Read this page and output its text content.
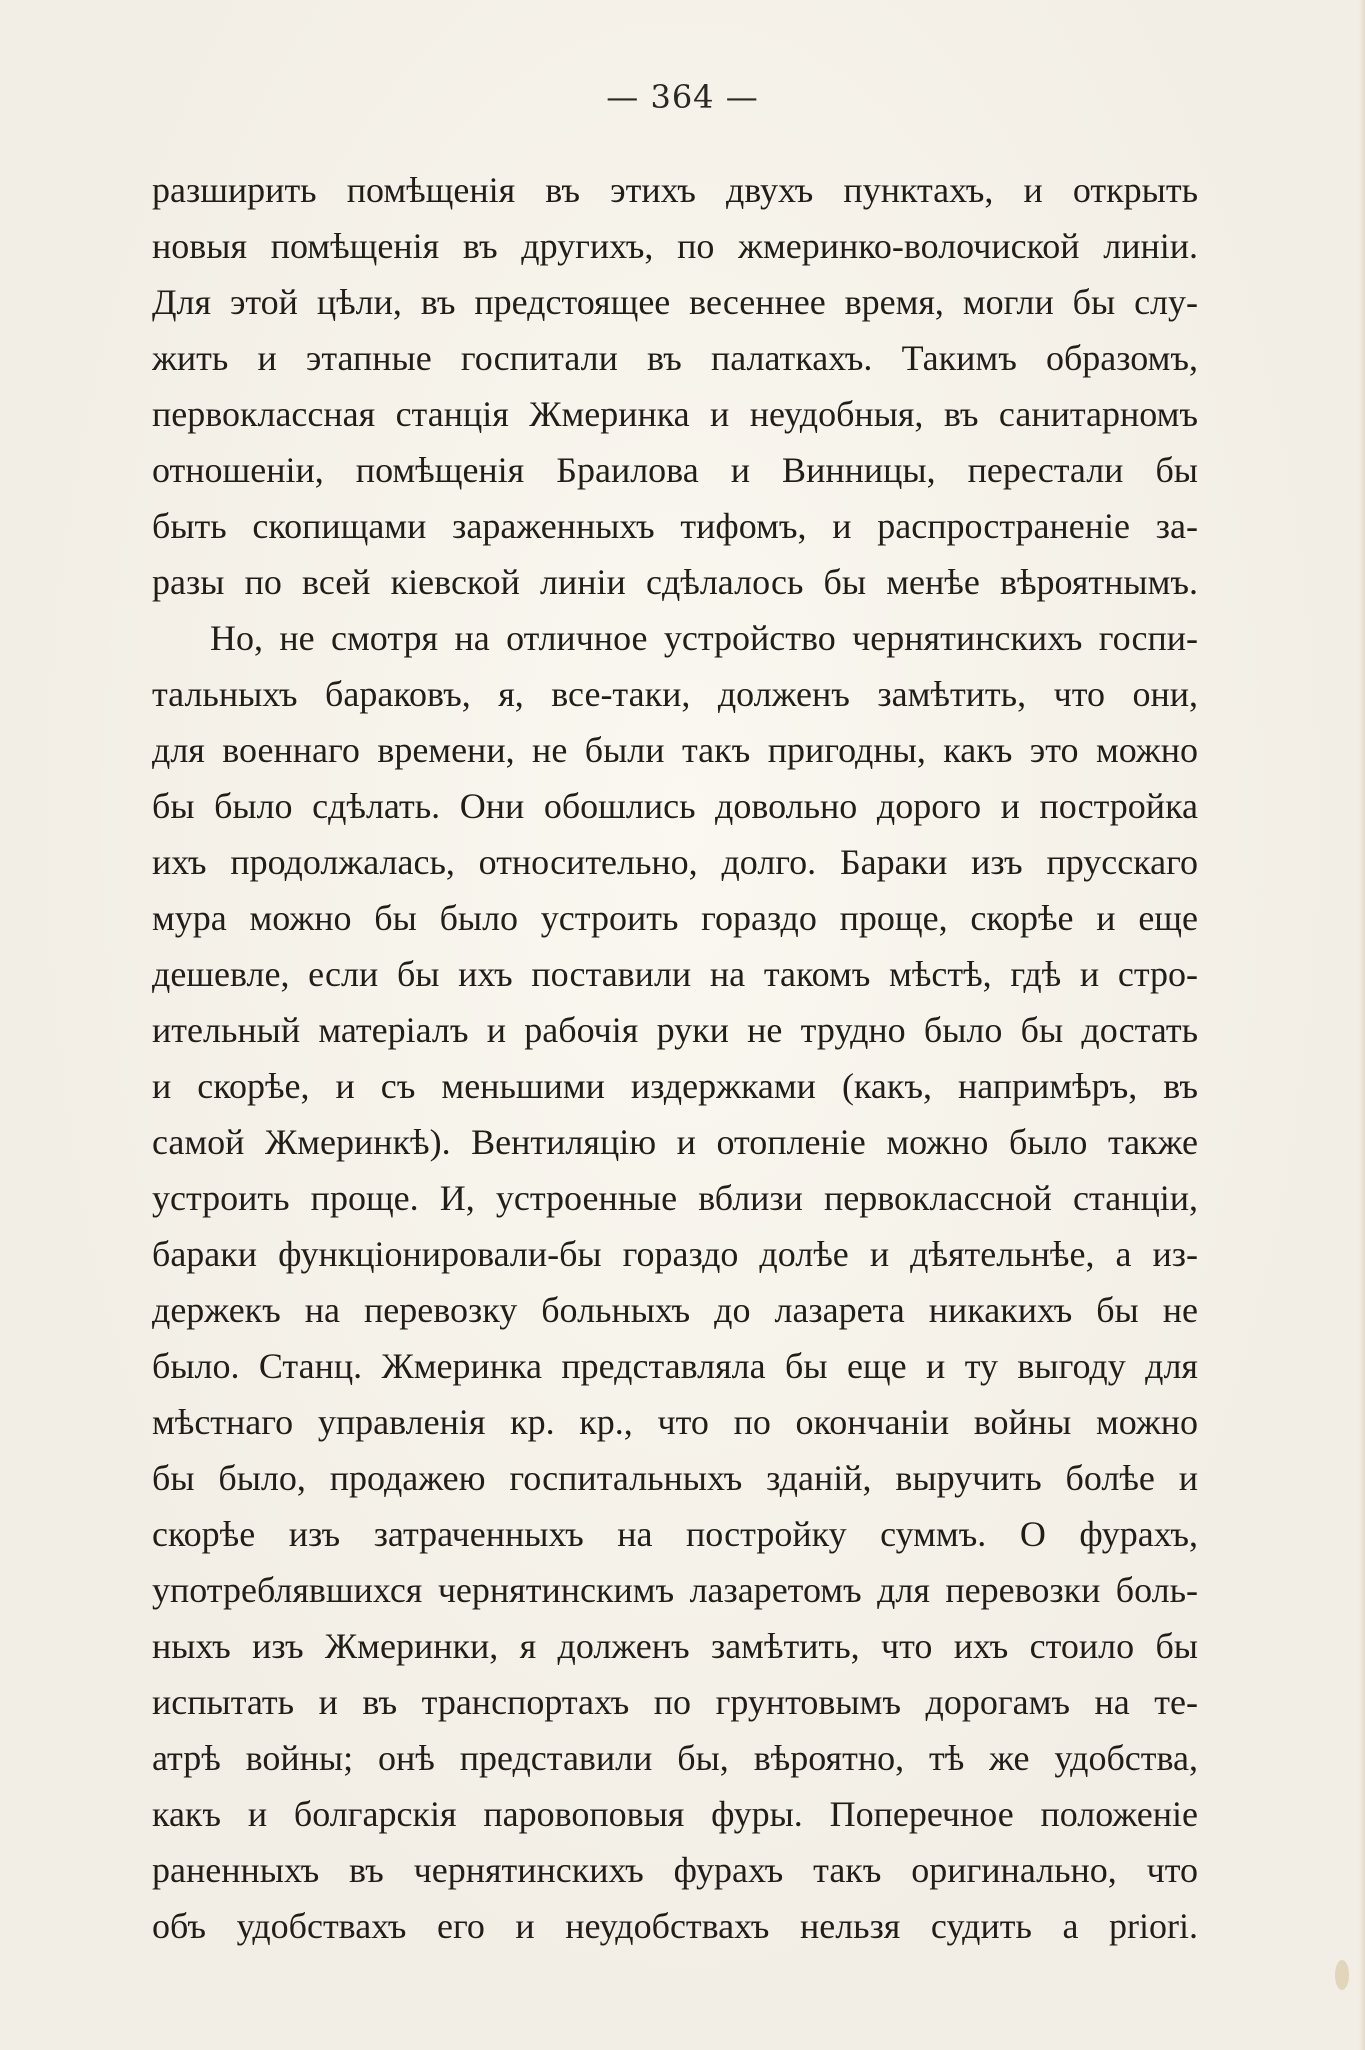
— 364 —
разширить помѣщенія въ этихъ двухъ пунктахъ, и открыть
новыя помѣщенія въ другихъ, по жмеринко-волочиской линіи.
Для этой цѣли, въ предстоящее весеннее время, могли бы слу-
жить и этапные госпитали въ палаткахъ. Такимъ образомъ,
первоклассная станція Жмеринка и неудобныя, въ санитарномъ
отношеніи, помѣщенія Браилова и Винницы, перестали бы
быть скопищами зараженныхъ тифомъ, и распространеніе за-
разы по всей кіевской линіи сдѣлалось бы менѣе вѣроятнымъ.
Но, не смотря на отличное устройство чернятинскихъ госпи-
тальныхъ бараковъ, я, все-таки, долженъ замѣтить, что они,
для военнаго времени, не были такъ пригодны, какъ это можно
бы было сдѣлать. Они обошлись довольно дорого и постройка
ихъ продолжалась, относительно, долго. Бараки изъ прусскаго
мура можно бы было устроить гораздо проще, скорѣе и еще
дешевле, если бы ихъ поставили на такомъ мѣстѣ, гдѣ и стро-
ительный матеріалъ и рабочія руки не трудно было бы достать
и скорѣе, и съ меньшими издержками (какъ, напримѣръ, въ
самой Жмеринкѣ). Вентиляцію и отопленіе можно было также
устроить проще. И, устроенные вблизи первоклассной станціи,
бараки функціонировали-бы гораздо долѣе и дѣятельнѣе, а из-
держекъ на перевозку больныхъ до лазарета никакихъ бы не
было. Станц. Жмеринка представляла бы еще и ту выгоду для
мѣстнаго управленія кр. кр., что по окончаніи войны можно
бы было, продажею госпитальныхъ зданій, выручить болѣе и
скорѣе изъ затраченныхъ на постройку суммъ. О фурахъ,
употреблявшихся чернятинскимъ лазаретомъ для перевозки боль-
ныхъ изъ Жмеринки, я долженъ замѣтить, что ихъ стоило бы
испытать и въ транспортахъ по грунтовымъ дорогамъ на те-
атрѣ войны; онѣ представили бы, вѣроятно, тѣ же удобства,
какъ и болгарскія паровоповыя фуры. Поперечное положеніе
раненныхъ въ чернятинскихъ фурахъ такъ оригинально, что
объ удобствахъ его и неудобствахъ нельзя судить a priori.
